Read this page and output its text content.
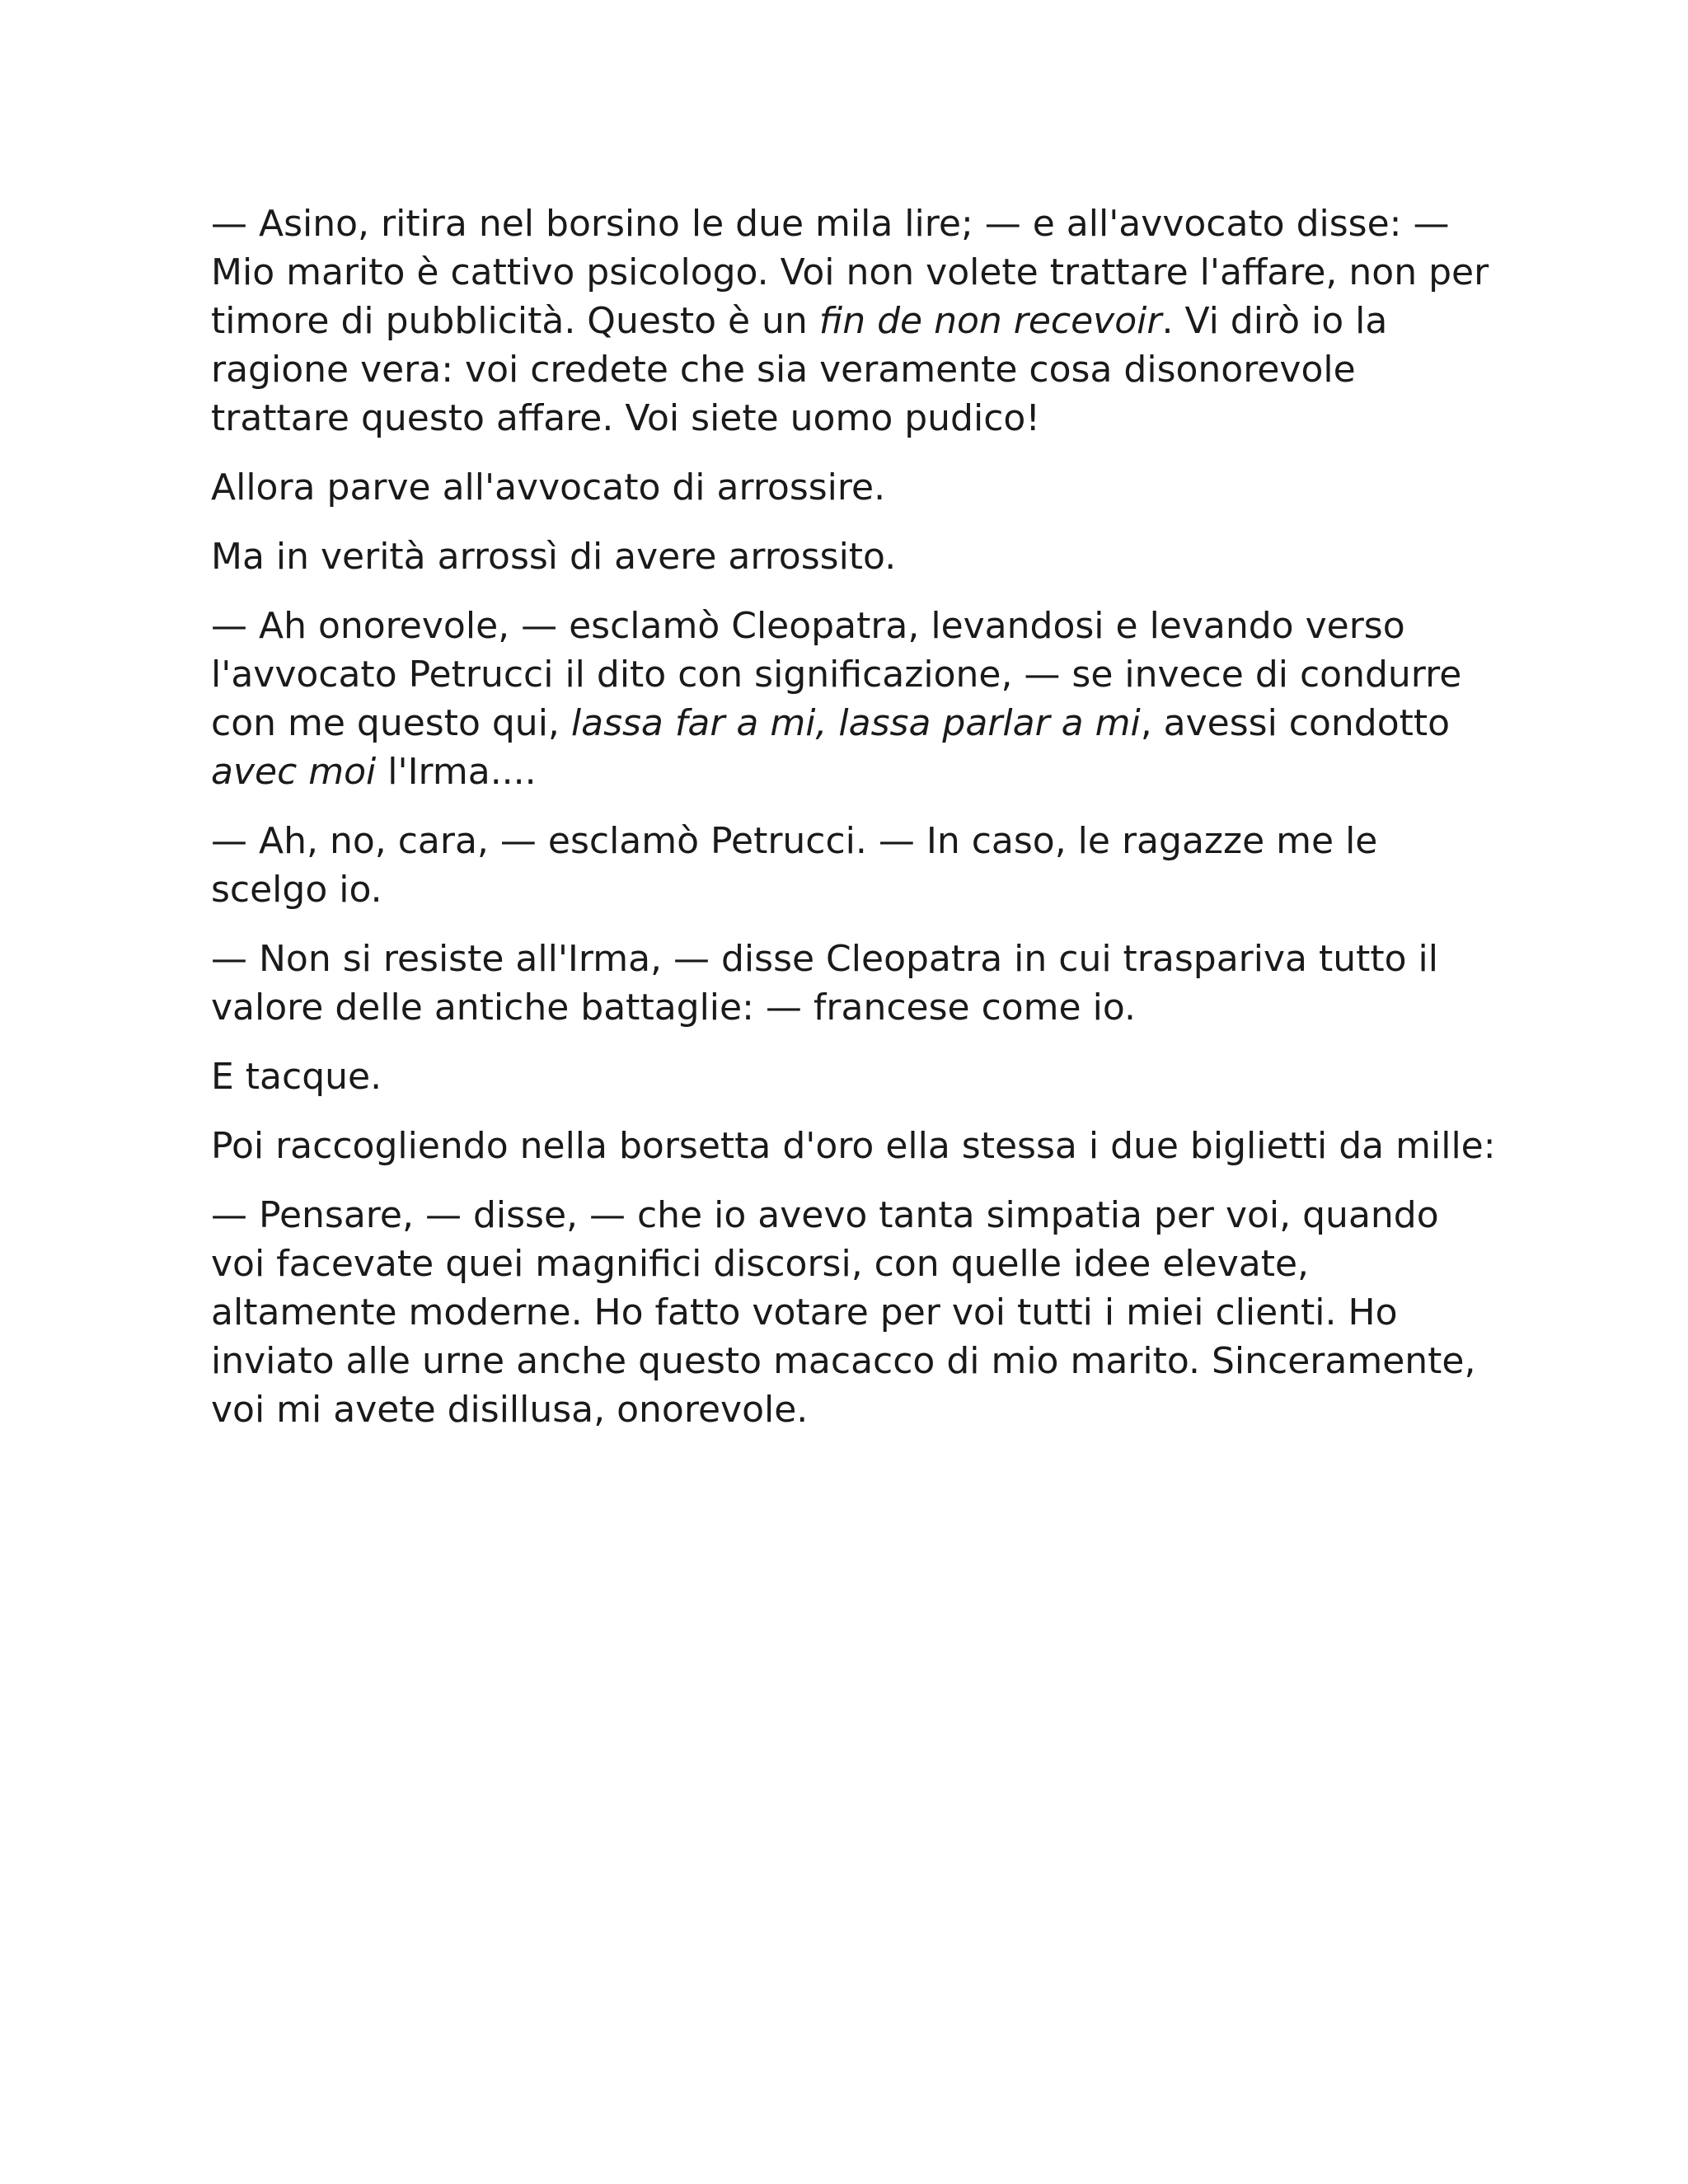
— Asino, ritira nel borsino le due mila lire; — e all'avvocato disse: — Mio marito è cattivo psicologo. Voi non volete trattare l'affare, non per timore di pubblicità. Questo è un fin de non recevoir. Vi dirò io la ragione vera: voi credete che sia veramente cosa disonorevole trattare questo affare. Voi siete uomo pudico!

Allora parve all'avvocato di arrossire.

Ma in verità arrossì di avere arrossito.

— Ah onorevole, — esclamò Cleopatra, levandosi e levando verso l'avvocato Petrucci il dito con significazione, — se invece di condurre con me questo qui, lassa far a mi, lassa parlar a mi, avessi condotto avec moi l'Irma....

— Ah, no, cara, — esclamò Petrucci. — In caso, le ragazze me le scelgo io.

— Non si resiste all'Irma, — disse Cleopatra in cui traspariva tutto il valore delle antiche battaglie: — francese come io.

E tacque.

Poi raccogliendo nella borsetta d'oro ella stessa i due biglietti da mille:

— Pensare, — disse, — che io avevo tanta simpatia per voi, quando voi facevate quei magnifici discorsi, con quelle idee elevate, altamente moderne. Ho fatto votare per voi tutti i miei clienti. Ho inviato alle urne anche questo macacco di mio marito. Sinceramente, voi mi avete disillusa, onorevole.
